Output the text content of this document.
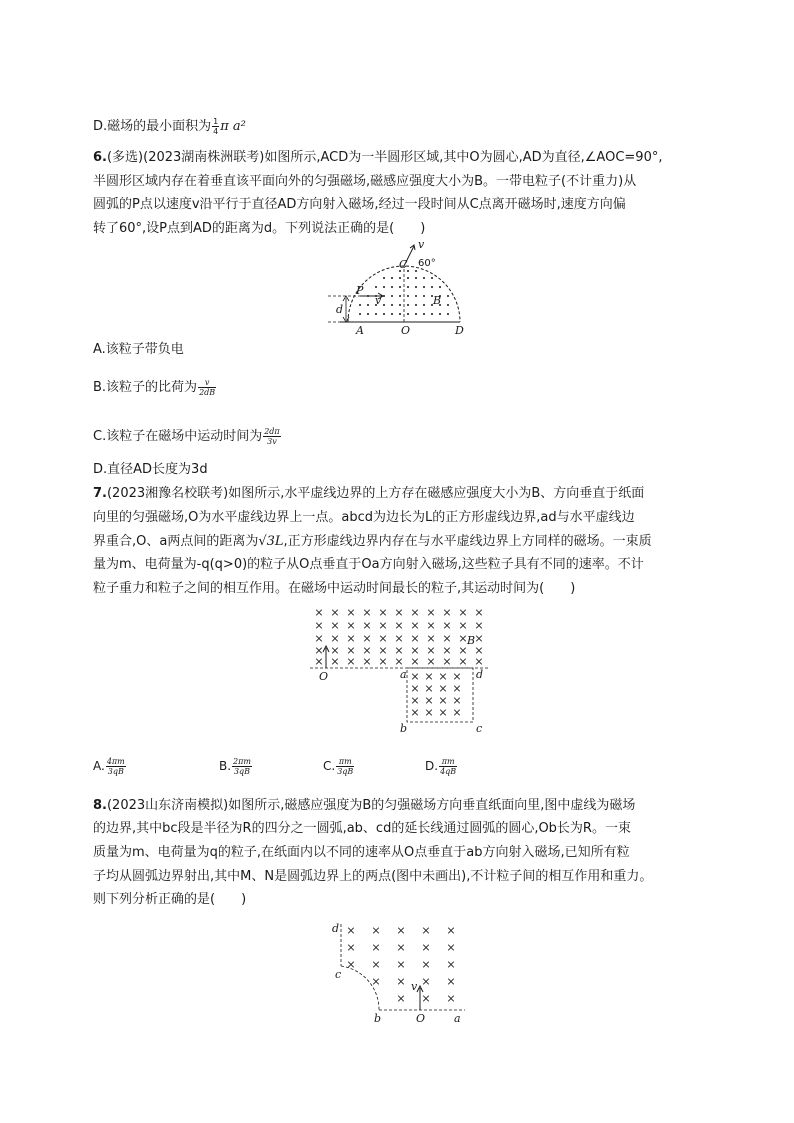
D.磁场的最小面积为 $\frac{1}{4}$ π a²
6.(多选)(2023湖南株洲联考)如图所示,ACD为一半圆形区域,其中O为圆心,AD为直径,∠AOC=90°,
半圆形区域内存在着垂直该平面向外的匀强磁场,磁感应强度大小为B。一带电粒子(不计重力)从
圆弧的P点以速度v沿平行于直径AD方向射入磁场,经过一段时间从C点离开磁场时,速度方向偏
转了60°,设P点到AD的距离为d。下列说法正确的是(　　)
d
A	O	D
C
P
B
v
v
60°
A.该粒子带负电
B.该粒子的比荷为 $\frac{v}{2dB}$
C.该粒子在磁场中运动时间为 $\frac{2d\pi}{3v}$
D.直径AD长度为3d
7.(2023湘豫名校联考)如图所示,水平虚线边界的上方存在磁感应强度大小为B、方向垂直于纸面
向里的匀强磁场,O为水平虚线边界上一点。abcd为边长为L的正方形虚线边界,ad与水平虚线边
界重合,O、a两点间的距离为√3L,正方形虚线边界内存在与水平虚线边界上方同样的磁场。一束质
量为m、电荷量为-q(q>0)的粒子从O点垂直于Oa方向射入磁场,这些粒子具有不同的速率。不计
粒子重力和粒子之间的相互作用。在磁场中运动时间最长的粒子,其运动时间为(　　)
× × × × × × × × × × ×
× × × × × × × × × × ×
× × × × × × × × × × ×
× × × × × × × × × × ×
× × × × × × × × × × ×
× × × ×
× × × ×
× × × ×
× × × ×
O	a	d
b	c
B
A. $\frac{4\pi m}{3qB}$	B. $\frac{2\pi m}{3qB}$	C. $\frac{\pi m}{3qB}$	D. $\frac{\pi m}{4qB}$
8.(2023山东济南模拟)如图所示,磁感应强度为B的匀强磁场方向垂直纸面向里,图中虚线为磁场
的边界,其中bc段是半径为R的四分之一圆弧,ab、cd的延长线通过圆弧的圆心,Ob长为R。一束
质量为m、电荷量为q的粒子,在纸面内以不同的速率从O点垂直于ab方向射入磁场,已知所有粒
子均从圆弧边界射出,其中M、N是圆弧边界上的两点(图中未画出),不计粒子间的相互作用和重力。
则下列分析正确的是(　　)
× × × × ×
× × × × ×
× × × × ×
× × × ×
× × ×
d
c
b	O	a
v
